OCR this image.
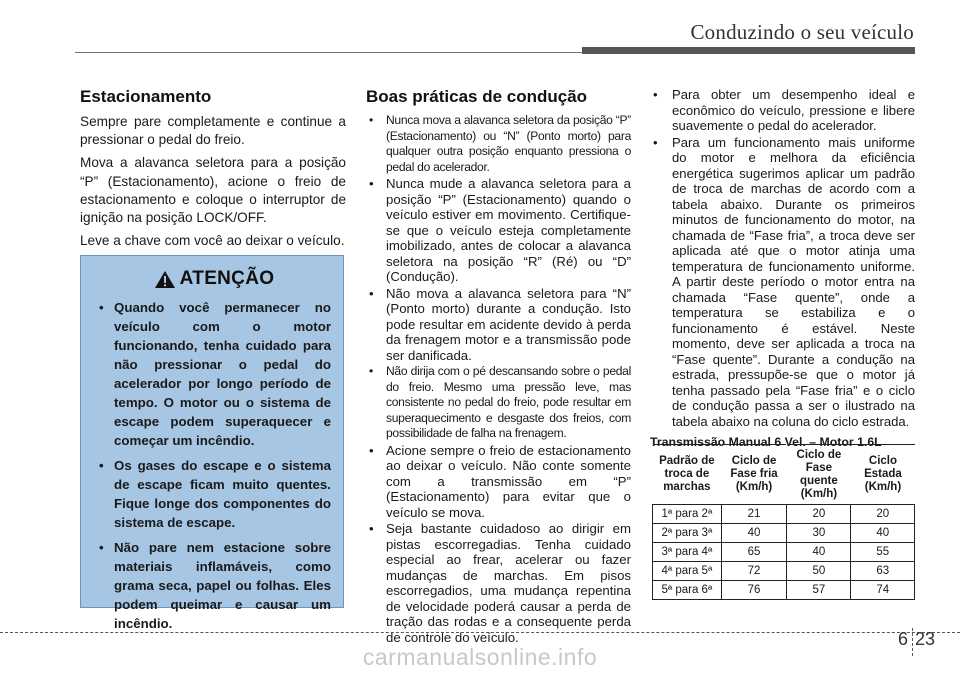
Conduzindo o seu veículo
Estacionamento

Sempre pare completamente e continue a pressionar o pedal do freio.

Mova a alavanca seletora para a posição “P” (Estacionamento), acione o freio de estacionamento e coloque o interruptor de ignição na posição LOCK/OFF.

Leve a chave com você ao deixar o veículo.

ATENÇÃO
• Quando você permanecer no veículo com o motor funcionando, tenha cuidado para não pressionar o pedal do acelerador por longo período de tempo. O motor ou o sistema de escape podem superaquecer e começar um incêndio.
• Os gases do escape e o sistema de escape ficam muito quentes. Fique longe dos componentes do sistema de escape.
• Não pare nem estacione sobre materiais inflamáveis, como grama seca, papel ou folhas. Eles podem queimar e causar um incêndio.
Boas práticas de condução
• Nunca mova a alavanca seletora da posição “P” (Estacionamento) ou “N” (Ponto morto) para qualquer outra posição enquanto pressiona o pedal do acelerador.
• Nunca mude a alavanca seletora para a posição “P” (Estacionamento) quando o veículo estiver em movimento. Certifique-se que o veículo esteja completamente imobilizado, antes de colocar a alavanca seletora na posição “R” (Ré) ou “D” (Condução).
• Não mova a alavanca seletora para “N” (Ponto morto) durante a condução. Isto pode resultar em acidente devido à perda da frenagem motor e a transmissão pode ser danificada.
• Não dirija com o pé descansando sobre o pedal do freio. Mesmo uma pressão leve, mas consistente no pedal do freio, pode resultar em superaquecimento e desgaste dos freios, com possibilidade de falha na frenagem.
• Acione sempre o freio de estacionamento ao deixar o veículo. Não conte somente com a transmissão em “P” (Estacionamento) para evitar que o veículo se mova.
• Seja bastante cuidadoso ao dirigir em pistas escorregadias. Tenha cuidado especial ao frear, acelerar ou fazer mudanças de marchas. Em pisos escorregadios, uma mudança repentina de velocidade poderá causar a perda de tração das rodas e a consequente perda de controle do veículo.
• Para obter um desempenho ideal e econômico do veículo, pressione e libere suavemente o pedal do acelerador.
• Para um funcionamento mais uniforme do motor e melhora da eficiência energética sugerimos aplicar um padrão de troca de marchas de acordo com a tabela abaixo. Durante os primeiros minutos de funcionamento do motor, na chamada de “Fase fria”, a troca deve ser aplicada até que o motor atinja uma temperatura de funcionamento uniforme. A partir deste período o motor entra na chamada “Fase quente”, onde a temperatura se estabiliza e o funcionamento é estável. Neste momento, deve ser aplicada a troca na “Fase quente”. Durante a condução na estrada, pressupõe-se que o motor já tenha passado pela “Fase fria” e o ciclo de condução passa a ser o ilustrado na tabela abaixo na coluna do ciclo estrada.
Transmissão Manual 6 Vel. – Motor 1.6L
Padrão de troca de marchas	Ciclo de Fase fria (Km/h)	Ciclo de Fase quente (Km/h)	Ciclo Estada (Km/h)
1ª para 2ª	21	20	20
2ª para 3ª	40	30	40
3ª para 4ª	65	40	55
4ª para 5ª	72	50	63
5ª para 6ª	76	57	74
6 23
carmanualsonline.info
